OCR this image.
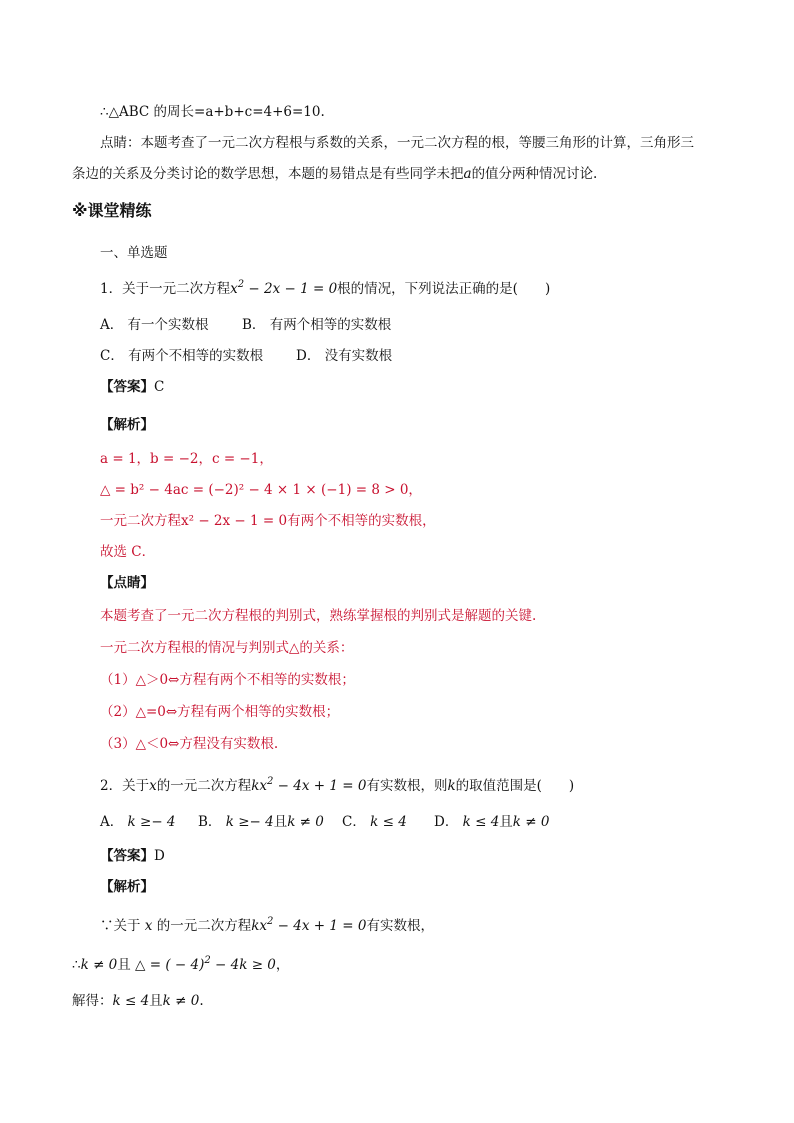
∴△ABC 的周长=a+b+c=4+6=10.
点睛：本题考查了一元二次方程根与系数的关系，一元二次方程的根，等腰三角形的计算，三角形三
条边的关系及分类讨论的数学思想，本题的易错点是有些同学未把a的值分两种情况讨论.
※课堂精练
一、单选题
1．关于一元二次方程$x^2 - 2x - 1 = 0$根的情况，下列说法正确的是(　　)
A． 有一个实数根 B． 有两个相等的实数根
C． 有两个不相等的实数根 D． 没有实数根
【答案】C
【解析】
a = 1，b = −2，c = −1，
△ = b² − 4ac = (−2)² − 4 × 1 × (−1) = 8 > 0，
一元二次方程x² − 2x − 1 = 0有两个不相等的实数根，
故选 C．
【点睛】
本题考查了一元二次方程根的判别式，熟练掌握根的判别式是解题的关键.
一元二次方程根的情况与判别式△的关系：
（1）△＞0⇔方程有两个不相等的实数根；
（2）△=0⇔方程有两个相等的实数根；
（3）△＜0⇔方程没有实数根.
2．关于x的一元二次方程$kx^2 - 4x + 1 = 0$有实数根，则k的取值范围是(　　)
A． k ≥− 4 B． k ≥− 4且k ≠ 0 C． k ≤ 4 D． k ≤ 4且k ≠ 0
【答案】D
【解析】
∵关于 x 的一元二次方程$kx^2 - 4x + 1 = 0$有实数根，
∴k ≠ 0且 △ = ( − 4)$^2$ − 4k ≥ 0，
解得：k ≤ 4且k ≠ 0.
